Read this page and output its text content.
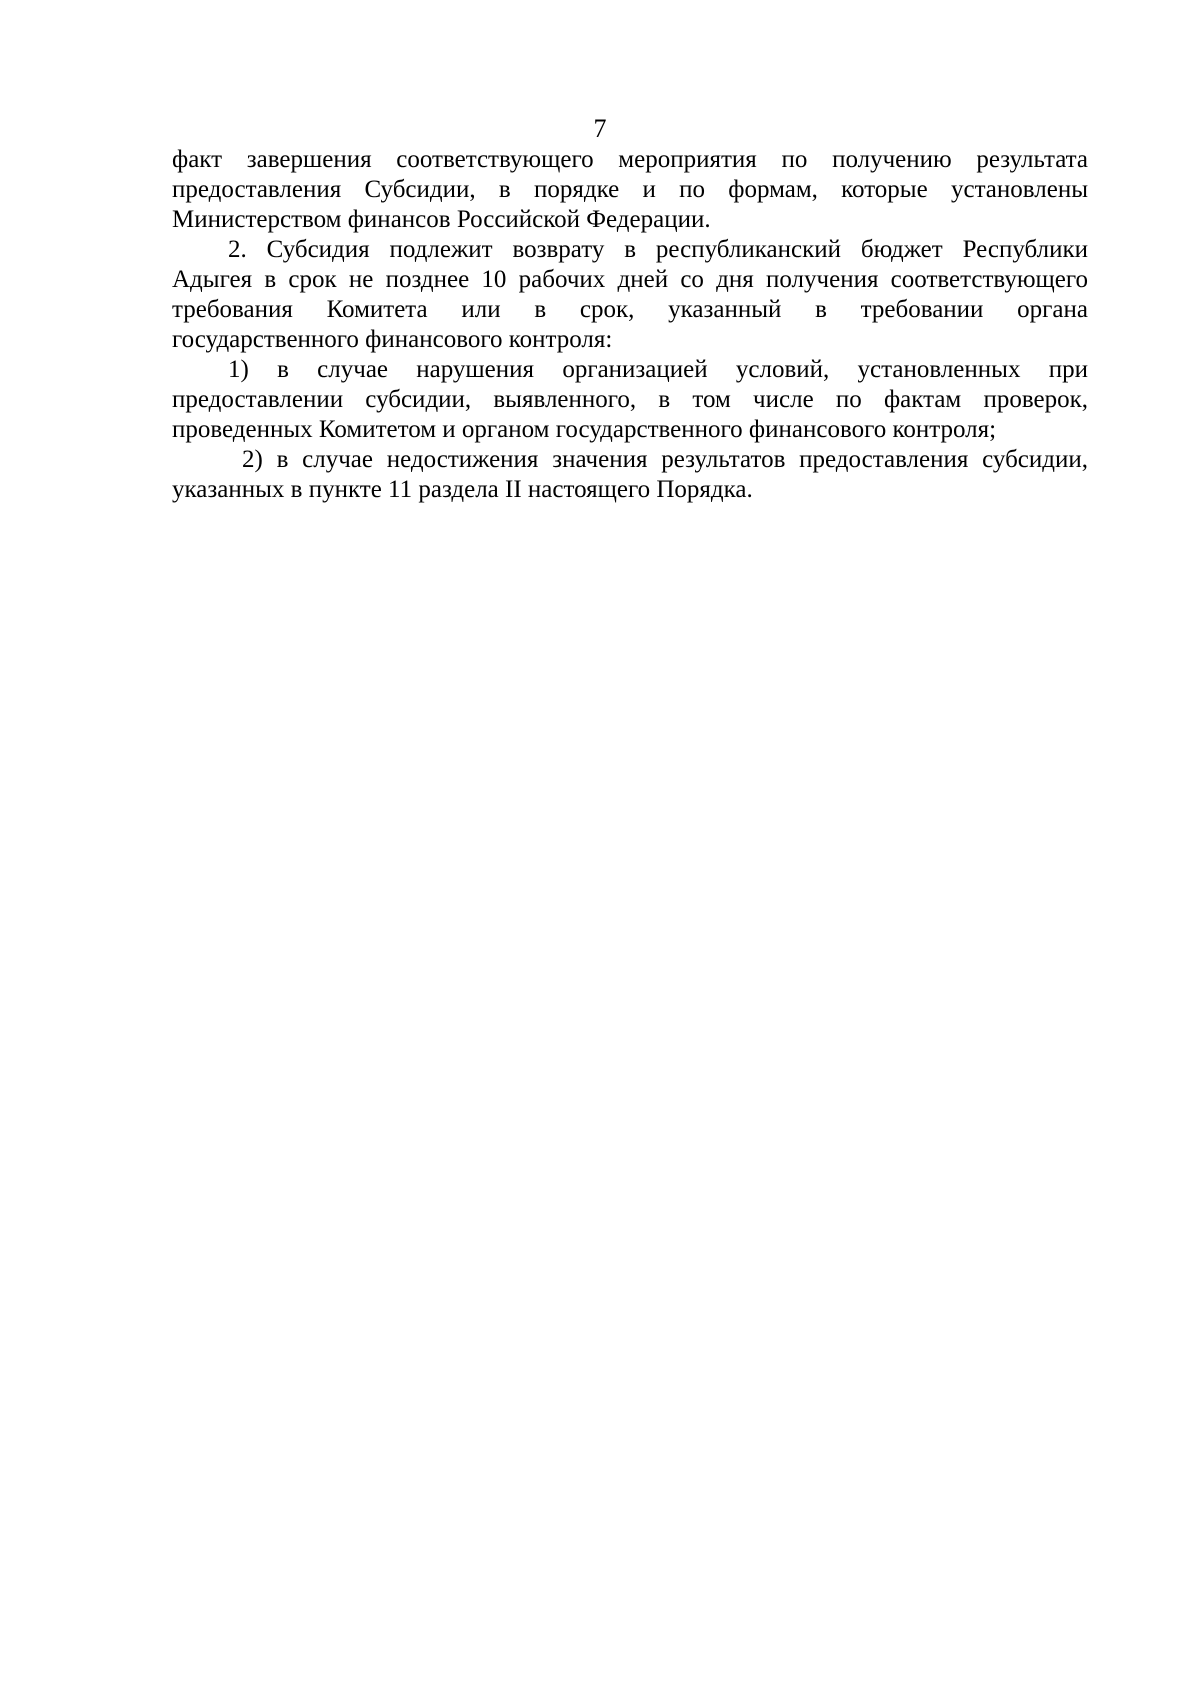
7

факт завершения соответствующего мероприятия по получению результата
предоставления Субсидии, в порядке и по формам, которые установлены
Министерством финансов Российской Федерации.

2. Субсидия подлежит возврату в республиканский бюджет Республики
Адыгея в срок не позднее 10 рабочих дней со дня получения соответствующего
требования Комитета или в срок, указанный в требовании органа
государственного финансового контроля:

1) в случае нарушения организацией условий, установленных при
предоставлении субсидии, выявленного, в том числе по фактам проверок,
проведенных Комитетом и органом государственного финансового контроля;

2) в случае недостижения значения результатов предоставления субсидии,
указанных в пункте 11 раздела II настоящего Порядка.
